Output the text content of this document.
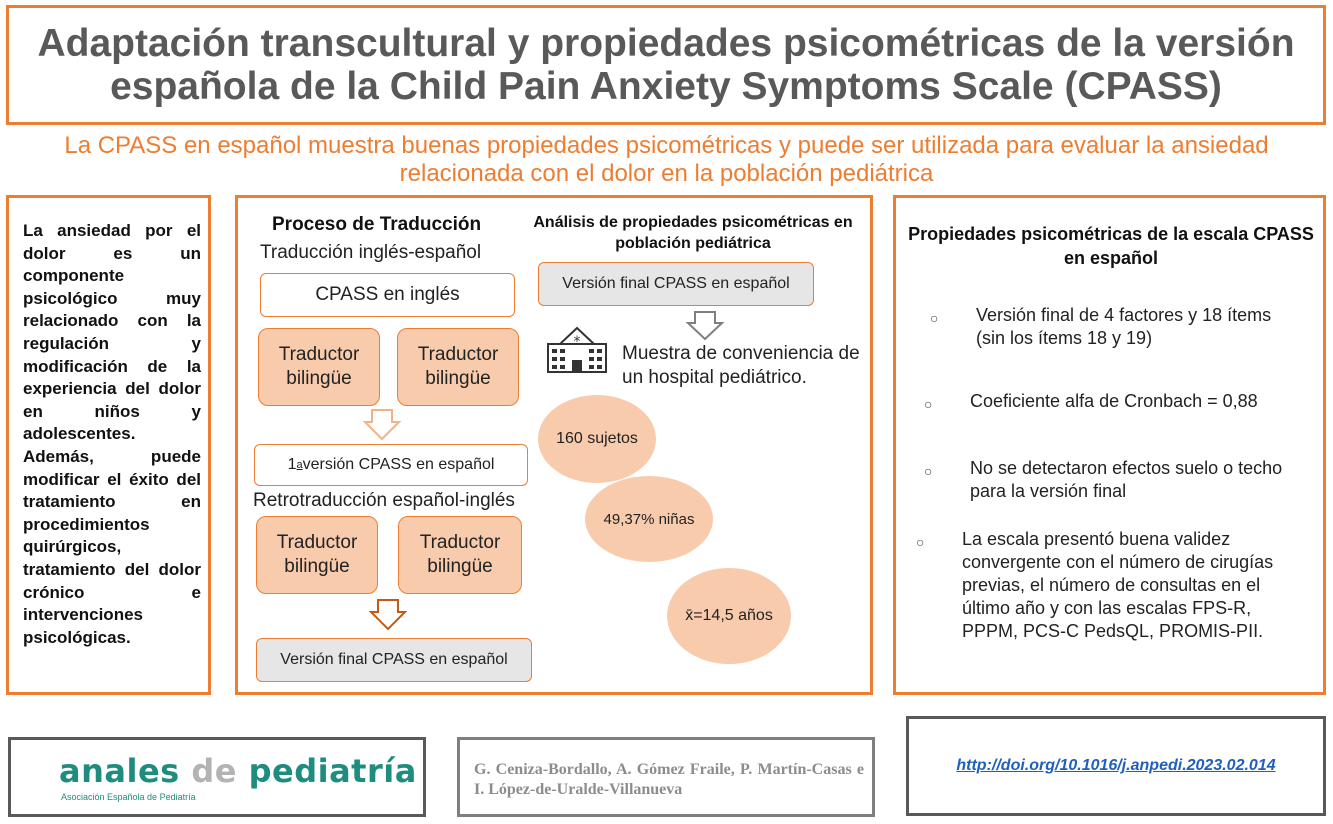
Adaptación transcultural y propiedades psicométricas de la versión española de la Child Pain Anxiety Symptoms Scale (CPASS)
La CPASS en español muestra buenas propiedades psicométricas y puede ser utilizada para evaluar la ansiedad relacionada con el dolor en la población pediátrica
La ansiedad por el dolor es un componente psicológico muy relacionado con la regulación y modificación de la experiencia del dolor en niños y adolescentes. Además, puede modificar el éxito del tratamiento en procedimientos quirúrgicos, tratamiento del dolor crónico e intervenciones psicológicas.
Proceso de Traducción
Traducción inglés-español
CPASS en inglés
Traductor bilingüe
Traductor bilingüe
1 a versión CPASS en español
Retrotraducción español-inglés
Traductor bilingüe
Traductor bilingüe
Versión final CPASS en español
Análisis de propiedades psicométricas en población pediátrica
Versión final CPASS en español
*
Muestra de conveniencia de un hospital pediátrico.
160 sujetos
49,37% niñas
x̄=14,5 años
Propiedades psicométricas de la escala CPASS en español
○ Versión final de 4 factores y 18 ítems (sin los ítems 18 y 19)
○ Coeficiente alfa de Cronbach = 0,88
○ No se detectaron efectos suelo o techo para la versión final
○ La escala presentó buena validez convergente con el número de cirugías previas, el número de consultas en el último año y con las escalas FPS-R, PPPM, PCS-C PedsQL, PROMIS-PII.
anales de pediatría
Asociación Española de Pediatría
G. Ceniza-Bordallo, A. Gómez Fraile, P. Martín-Casas e I. López-de-Uralde-Villanueva
http://doi.org/10.1016/j.anpedi.2023.02.014
